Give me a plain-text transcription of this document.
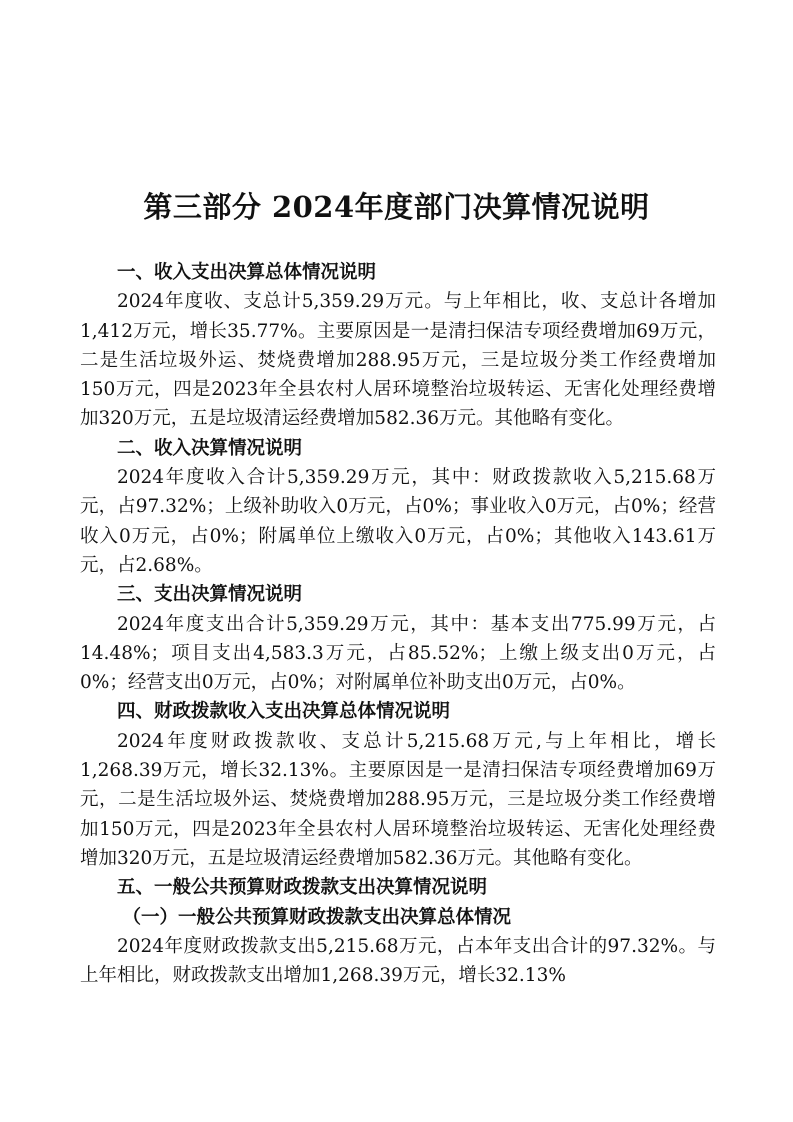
第三部分 2024年度部门决算情况说明
一、收入支出决算总体情况说明

2024年度收、支总计5,359.29万元。与上年相比，收、支总计各增加1,412万元，增长35.77%。主要原因是一是清扫保洁专项经费增加69万元，二是生活垃圾外运、焚烧费增加288.95万元，三是垃圾分类工作经费增加150万元，四是2023年全县农村人居环境整治垃圾转运、无害化处理经费增加320万元，五是垃圾清运经费增加582.36万元。其他略有变化。

二、收入决算情况说明

2024年度收入合计5,359.29万元，其中：财政拨款收入5,215.68万元，占97.32%；上级补助收入0万元，占0%；事业收入0万元，占0%；经营收入0万元，占0%；附属单位上缴收入0万元，占0%；其他收入143.61万元，占2.68%。

三、支出决算情况说明

2024年度支出合计5,359.29万元，其中：基本支出775.99万元，占14.48%；项目支出4,583.3万元，占85.52%；上缴上级支出0万元，占0%；经营支出0万元，占0%；对附属单位补助支出0万元，占0%。

四、财政拨款收入支出决算总体情况说明

2024年度财政拨款收、支总计5,215.68万元,与上年相比，增长1,268.39万元，增长32.13%。主要原因是一是清扫保洁专项经费增加69万元，二是生活垃圾外运、焚烧费增加288.95万元，三是垃圾分类工作经费增加150万元，四是2023年全县农村人居环境整治垃圾转运、无害化处理经费增加320万元，五是垃圾清运经费增加582.36万元。其他略有变化。

五、一般公共预算财政拨款支出决算情况说明
（一）一般公共预算财政拨款支出决算总体情况

2024年度财政拨款支出5,215.68万元，占本年支出合计的97.32%。与上年相比，财政拨款支出增加1,268.39万元，增长32.13%
